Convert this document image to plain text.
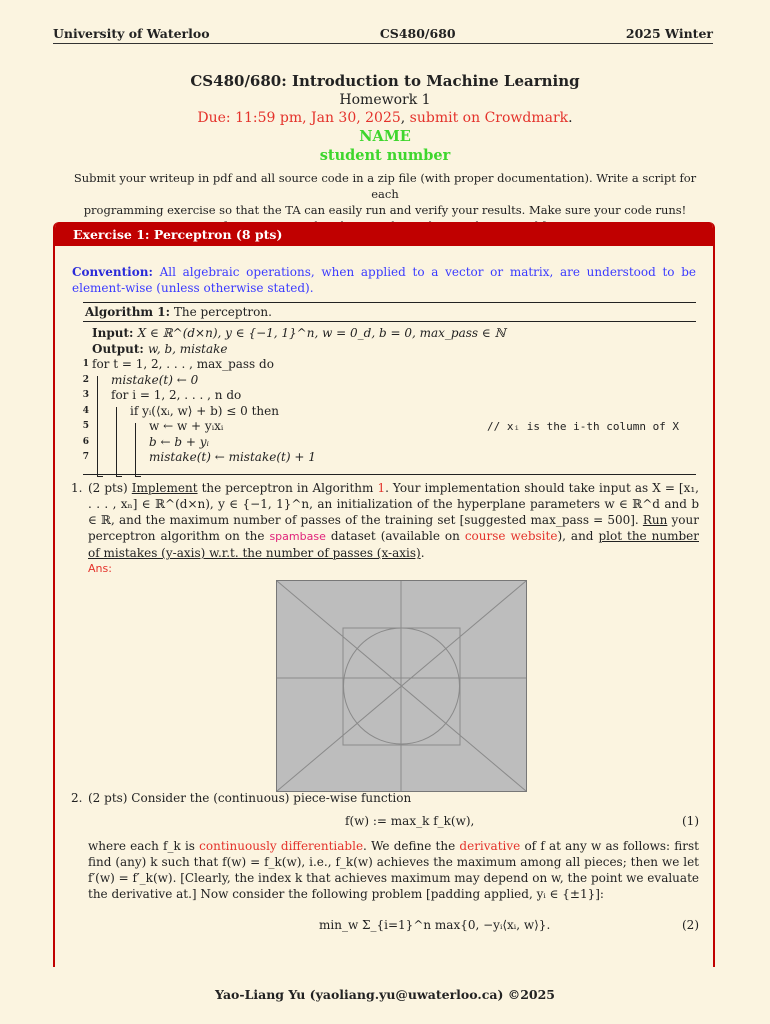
University of Waterloo	CS480/680	2025 Winter
CS480/680: Introduction to Machine Learning
Homework 1
Due: 11:59 pm, Jan 30, 2025, submit on Crowdmark.
NAME
student number
Submit your writeup in pdf and all source code in a zip file (with proper documentation). Write a script for each
programming exercise so that the TA can easily run and verify your results. Make sure your code runs!
Exercise 1: Perceptron (8 pts)
Convention: All algebraic operations, when applied to a vector or matrix, are understood to be element-wise (unless otherwise stated).
Algorithm 1: The perceptron.
Input: X ∈ ℝ^(d×n), y ∈ {−1, 1}^n, w = 0_d, b = 0, max_pass ∈ ℕ
Output: w, b, mistake
1 for t = 1, 2, . . . , max_pass do
2 mistake(t) ← 0
3 for i = 1, 2, . . . , n do
4	if yᵢ(⟨xᵢ, w⟩ + b) ≤ 0 then
5	w ← w + yᵢxᵢ	// xᵢ is the i-th column of X
6	b ← b + yᵢ
7	mistake(t) ← mistake(t) + 1
1. (2 pts) Implement the perceptron in Algorithm 1. Your implementation should take input as X = [x₁, . . . , xₙ] ∈ ℝ^(d×n), y ∈ {−1, 1}^n, an initialization of the hyperplane parameters w ∈ ℝ^d and b ∈ ℝ, and the maximum number of passes of the training set [suggested max_pass = 500]. Run your perceptron algorithm on the spambase dataset (available on course website), and plot the number of mistakes (y-axis) w.r.t. the number of passes (x-axis).
Ans:
2. (2 pts) Consider the (continuous) piece-wise function
f(w) := max_k f_k(w),	(1)
where each f_k is continuously differentiable. We define the derivative of f at any w as follows: first find (any) k such that f(w) = f_k(w), i.e., f_k(w) achieves the maximum among all pieces; then we let f′(w) = f′_k(w). [Clearly, the index k that achieves maximum may depend on w, the point we evaluate the derivative at.] Now consider the following problem [padding applied, yᵢ ∈ {±1}]:
min_w Σ_{i=1}^n max{0, −yᵢ⟨xᵢ, w⟩}.	(2)
Yao-Liang Yu (yaoliang.yu@uwaterloo.ca) ©2025
